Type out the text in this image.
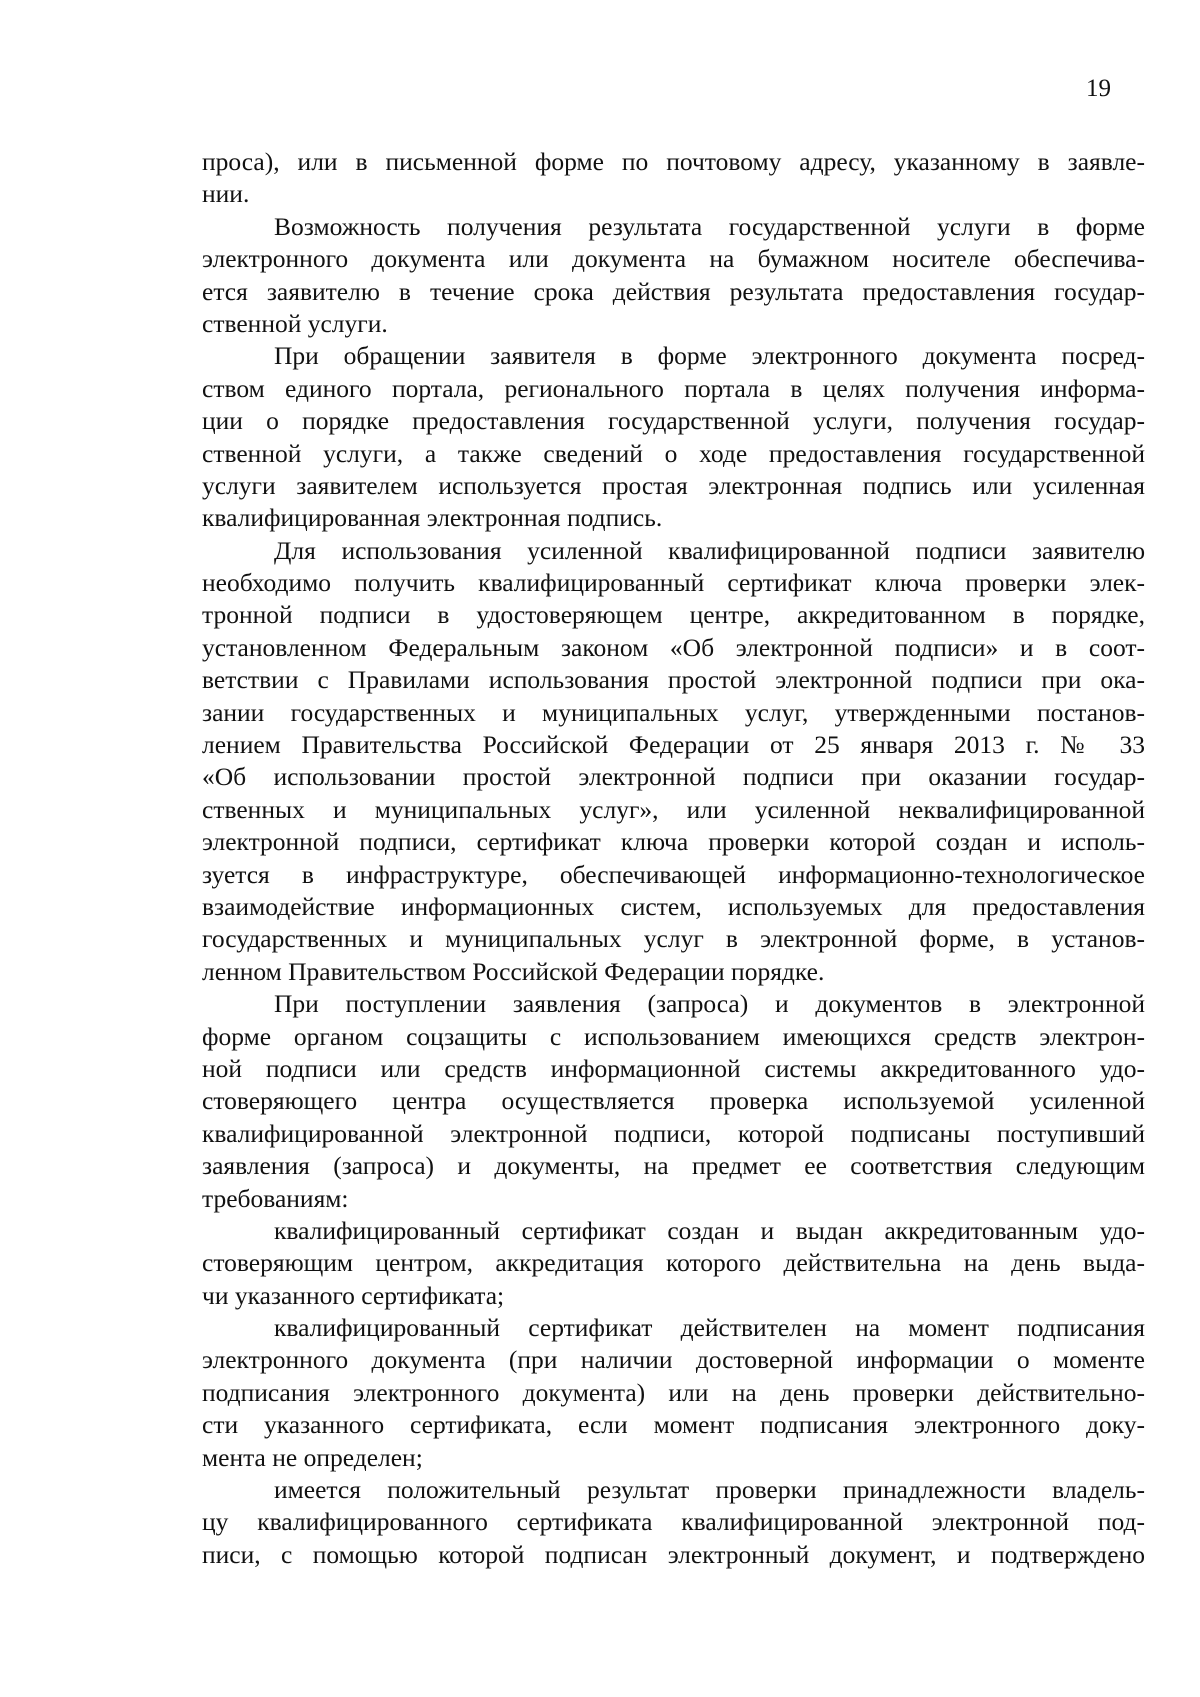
19
проса), или в письменной форме по почтовому адресу, указанному в заявле-
нии.
Возможность получения результата государственной услуги в форме
электронного документа или документа на бумажном носителе обеспечива-
ется заявителю в течение срока действия результата предоставления государ-
ственной услуги.
При обращении заявителя в форме электронного документа посред-
ством единого портала, регионального портала в целях получения информа-
ции о порядке предоставления государственной услуги, получения государ-
ственной услуги, а также сведений о ходе предоставления государственной
услуги заявителем используется простая электронная подпись или усиленная
квалифицированная электронная подпись.
Для использования усиленной квалифицированной подписи заявителю
необходимо получить квалифицированный сертификат ключа проверки элек-
тронной подписи в удостоверяющем центре, аккредитованном в порядке,
установленном Федеральным законом «Об электронной подписи» и в соот-
ветствии с Правилами использования простой электронной подписи при ока-
зании государственных и муниципальных услуг, утвержденными постанов-
лением Правительства Российской Федерации от 25 января 2013 г. № 33
«Об использовании простой электронной подписи при оказании государ-
ственных и муниципальных услуг», или усиленной неквалифицированной
электронной подписи, сертификат ключа проверки которой создан и исполь-
зуется в инфраструктуре, обеспечивающей информационно-технологическое
взаимодействие информационных систем, используемых для предоставления
государственных и муниципальных услуг в электронной форме, в установ-
ленном Правительством Российской Федерации порядке.
При поступлении заявления (запроса) и документов в электронной
форме органом соцзащиты с использованием имеющихся средств электрон-
ной подписи или средств информационной системы аккредитованного удо-
стоверяющего центра осуществляется проверка используемой усиленной
квалифицированной электронной подписи, которой подписаны поступивший
заявления (запроса) и документы, на предмет ее соответствия следующим
требованиям:
квалифицированный сертификат создан и выдан аккредитованным удо-
стоверяющим центром, аккредитация которого действительна на день выда-
чи указанного сертификата;
квалифицированный сертификат действителен на момент подписания
электронного документа (при наличии достоверной информации о моменте
подписания электронного документа) или на день проверки действительно-
сти указанного сертификата, если момент подписания электронного доку-
мента не определен;
имеется положительный результат проверки принадлежности владель-
цу квалифицированного сертификата квалифицированной электронной под-
писи, с помощью которой подписан электронный документ, и подтверждено
